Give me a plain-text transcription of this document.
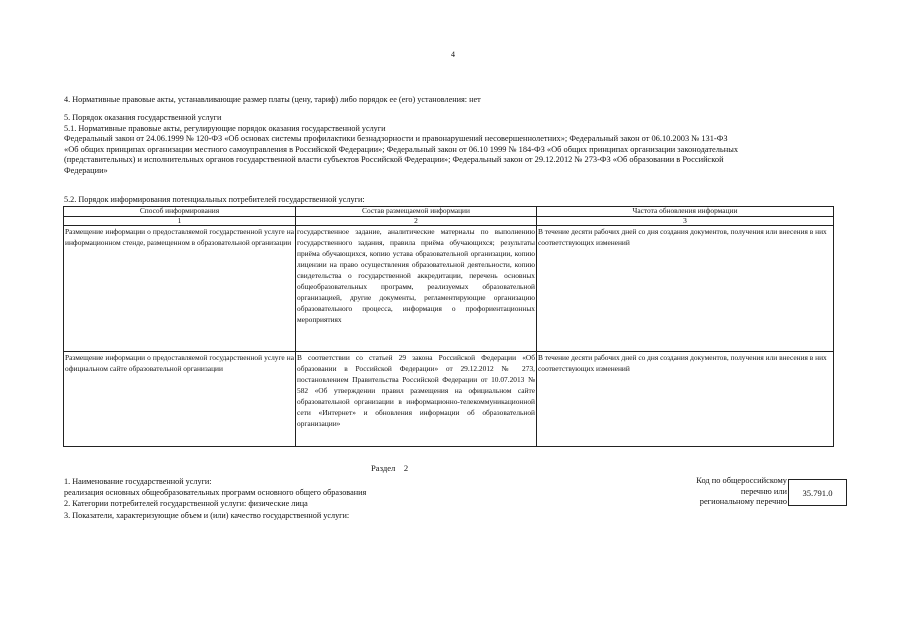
4
4. Нормативные правовые акты, устанавливающие размер платы (цену, тариф) либо порядок ее (его) установления: нет
5. Порядок оказания государственной услуги
5.1. Нормативные правовые акты, регулирующие порядок оказания государственной услуги
Федеральный закон от 24.06.1999 № 120-ФЗ «Об основах системы профилактики безнадзорности и правонарушений несовершеннолетних»; Федеральный закон от 06.10.2003 № 131-ФЗ
«Об общих принципах организации местного самоуправления в Российской Федерации»; Федеральный закон от 06.10 1999 № 184-ФЗ «Об общих принципах организации законодательных
(представительных) и исполнительных органов государственной власти субъектов Российской Федерации»; Федеральный закон от 29.12.2012 № 273-ФЗ «Об образовании в Российской
Федерации»
5.2. Порядок информирования потенциальных потребителей государственной услуги:
Способ информирования	Состав размещаемой информации	Частота обновления информации
1	2	3
Размещение информации о предоставляемой государственной услуге на информационном стенде, размещенном в образовательной организации	государственное задание, аналитические материалы по выполнению государственного задания, правила приёма обучающихся; результаты приёма обучающихся, копию устава образовательной организации, копию лицензии на право осуществления образовательной деятельности, копию свидетельства о государственной аккредитации, перечень основных общеобразовательных программ, реализуемых образовательной организацией, другие документы, регламентирующие организацию образовательного процесса, информация о профориентационных мероприятиях	В течение десяти рабочих дней со дня создания документов, получения или внесения в них соответствующих изменений
Размещение информации о предоставляемой государственной услуге на официальном сайте образовательной организации	В соответствии со статьей 29 закона Российской Федерации «Об образовании в Российской Федерации» от 29.12.2012 № 273, постановлением Правительства Российской Федерации от 10.07.2013 № 582 «Об утверждении правил размещения на официальном сайте образовательной организации в информационно-телекоммуникационной сети «Интернет» и обновления информации об образовательной организации»	В течение десяти рабочих дней со дня создания документов, получения или внесения в них соответствующих изменений
Раздел 2
1. Наименование государственной услуги:
реализация основных общеобразовательных программ основного общего образования
2. Категории потребителей государственной услуги: физические лица
3. Показатели, характеризующие объем и (или) качество государственной услуги:
Код по общероссийскому
перечню или
региональному перечню
35.791.0
